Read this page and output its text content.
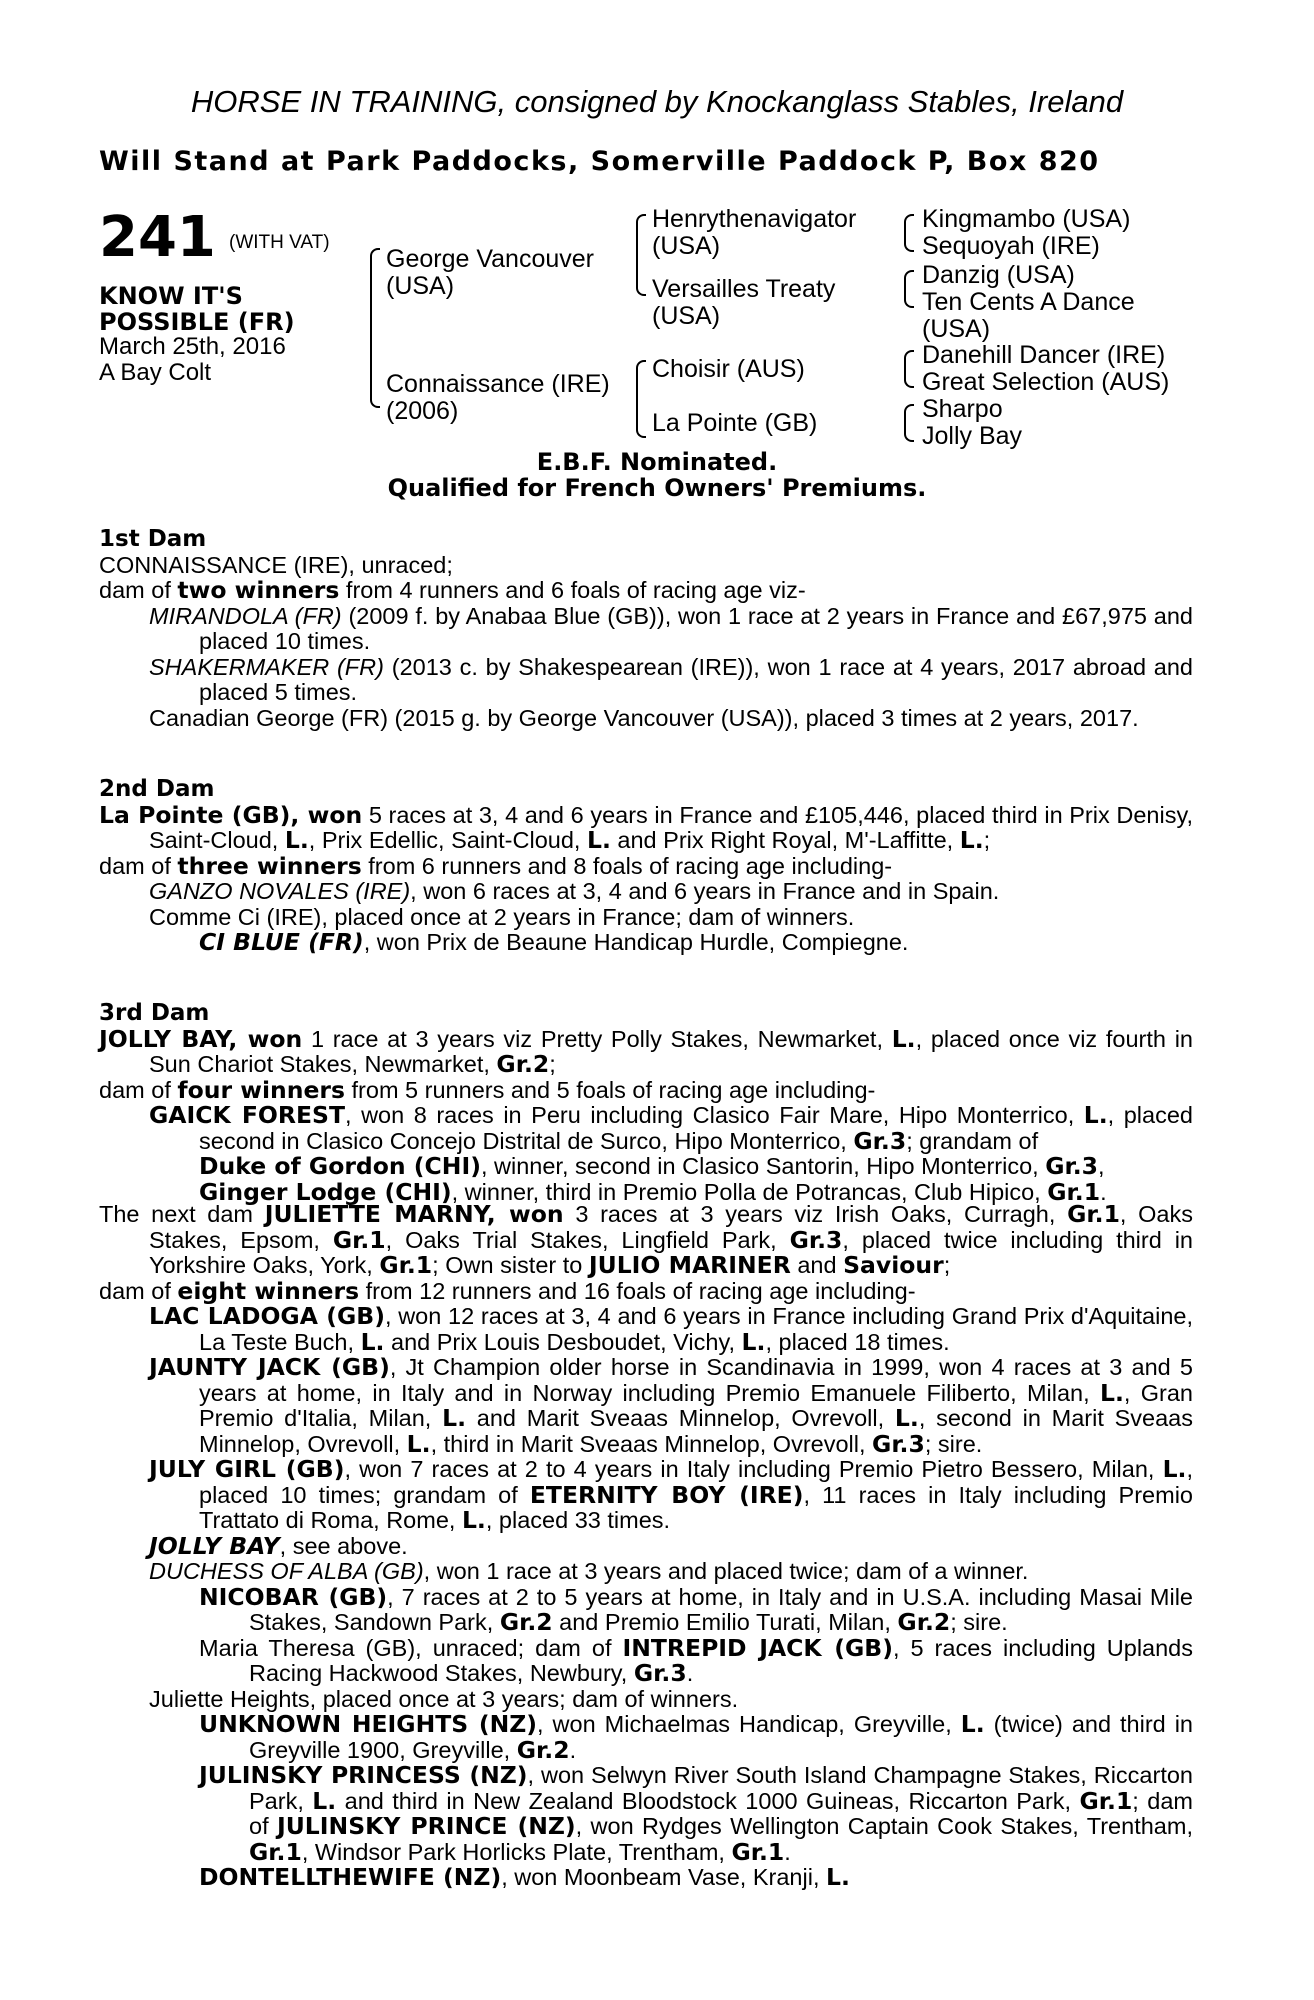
HORSE IN TRAINING, consigned by Knockanglass Stables, Ireland
Will Stand at Park Paddocks, Somerville Paddock P, Box 820
241 (WITH VAT)
KNOW IT'S
POSSIBLE (FR)
March 25th, 2016
A Bay Colt
George Vancouver
(USA)
Connaissance (IRE)
(2006)
Henrythenavigator
(USA)
Versailles Treaty
(USA)
Choisir (AUS)
La Pointe (GB)
Kingmambo (USA)
Sequoyah (IRE)
Danzig (USA)
Ten Cents A Dance
(USA)
Danehill Dancer (IRE)
Great Selection (AUS)
Sharpo
Jolly Bay
E.B.F. Nominated.
Qualified for French Owners' Premiums.

1st Dam

CONNAISSANCE (IRE), unraced;

dam of two winners from 4 runners and 6 foals of racing age viz-

MIRANDOLA (FR) (2009 f. by Anabaa Blue (GB)), won 1 race at 2 years in France and £67,975 and placed 10 times.

SHAKERMAKER (FR) (2013 c. by Shakespearean (IRE)), won 1 race at 4 years, 2017 abroad and placed 5 times.

Canadian George (FR) (2015 g. by George Vancouver (USA)), placed 3 times at 2 years, 2017.

2nd Dam

La Pointe (GB), won 5 races at 3, 4 and 6 years in France and £105,446, placed third in Prix Denisy, Saint-Cloud, L., Prix Edellic, Saint-Cloud, L. and Prix Right Royal, M'-Laffitte, L.;

dam of three winners from 6 runners and 8 foals of racing age including-

GANZO NOVALES (IRE), won 6 races at 3, 4 and 6 years in France and in Spain.

Comme Ci (IRE), placed once at 2 years in France; dam of winners.

CI BLUE (FR), won Prix de Beaune Handicap Hurdle, Compiegne.

3rd Dam

JOLLY BAY, won 1 race at 3 years viz Pretty Polly Stakes, Newmarket, L., placed once viz fourth in Sun Chariot Stakes, Newmarket, Gr.2;

dam of four winners from 5 runners and 5 foals of racing age including-

GAICK FOREST, won 8 races in Peru including Clasico Fair Mare, Hipo Monterrico, L., placed second in Clasico Concejo Distrital de Surco, Hipo Monterrico, Gr.3; grandam of
Duke of Gordon (CHI), winner, second in Clasico Santorin, Hipo Monterrico, Gr.3,
Ginger Lodge (CHI), winner, third in Premio Polla de Potrancas, Club Hipico, Gr.1.

The next dam JULIETTE MARNY, won 3 races at 3 years viz Irish Oaks, Curragh, Gr.1, Oaks Stakes, Epsom, Gr.1, Oaks Trial Stakes, Lingfield Park, Gr.3, placed twice including third in Yorkshire Oaks, York, Gr.1; Own sister to JULIO MARINER and Saviour;

dam of eight winners from 12 runners and 16 foals of racing age including-

LAC LADOGA (GB), won 12 races at 3, 4 and 6 years in France including Grand Prix d'Aquitaine, La Teste Buch, L. and Prix Louis Desboudet, Vichy, L., placed 18 times.

JAUNTY JACK (GB), Jt Champion older horse in Scandinavia in 1999, won 4 races at 3 and 5 years at home, in Italy and in Norway including Premio Emanuele Filiberto, Milan, L., Gran Premio d'Italia, Milan, L. and Marit Sveaas Minnelop, Ovrevoll, L., second in Marit Sveaas Minnelop, Ovrevoll, L., third in Marit Sveaas Minnelop, Ovrevoll, Gr.3; sire.

JULY GIRL (GB), won 7 races at 2 to 4 years in Italy including Premio Pietro Bessero, Milan, L., placed 10 times; grandam of ETERNITY BOY (IRE), 11 races in Italy including Premio Trattato di Roma, Rome, L., placed 33 times.

JOLLY BAY, see above.

DUCHESS OF ALBA (GB), won 1 race at 3 years and placed twice; dam of a winner.

NICOBAR (GB), 7 races at 2 to 5 years at home, in Italy and in U.S.A. including Masai Mile Stakes, Sandown Park, Gr.2 and Premio Emilio Turati, Milan, Gr.2; sire.

Maria Theresa (GB), unraced; dam of INTREPID JACK (GB), 5 races including Uplands Racing Hackwood Stakes, Newbury, Gr.3.

Juliette Heights, placed once at 3 years; dam of winners.

UNKNOWN HEIGHTS (NZ), won Michaelmas Handicap, Greyville, L. (twice) and third in Greyville 1900, Greyville, Gr.2.

JULINSKY PRINCESS (NZ), won Selwyn River South Island Champagne Stakes, Riccarton Park, L. and third in New Zealand Bloodstock 1000 Guineas, Riccarton Park, Gr.1; dam of JULINSKY PRINCE (NZ), won Rydges Wellington Captain Cook Stakes, Trentham, Gr.1, Windsor Park Horlicks Plate, Trentham, Gr.1.

DONTELLTHEWIFE (NZ), won Moonbeam Vase, Kranji, L.
